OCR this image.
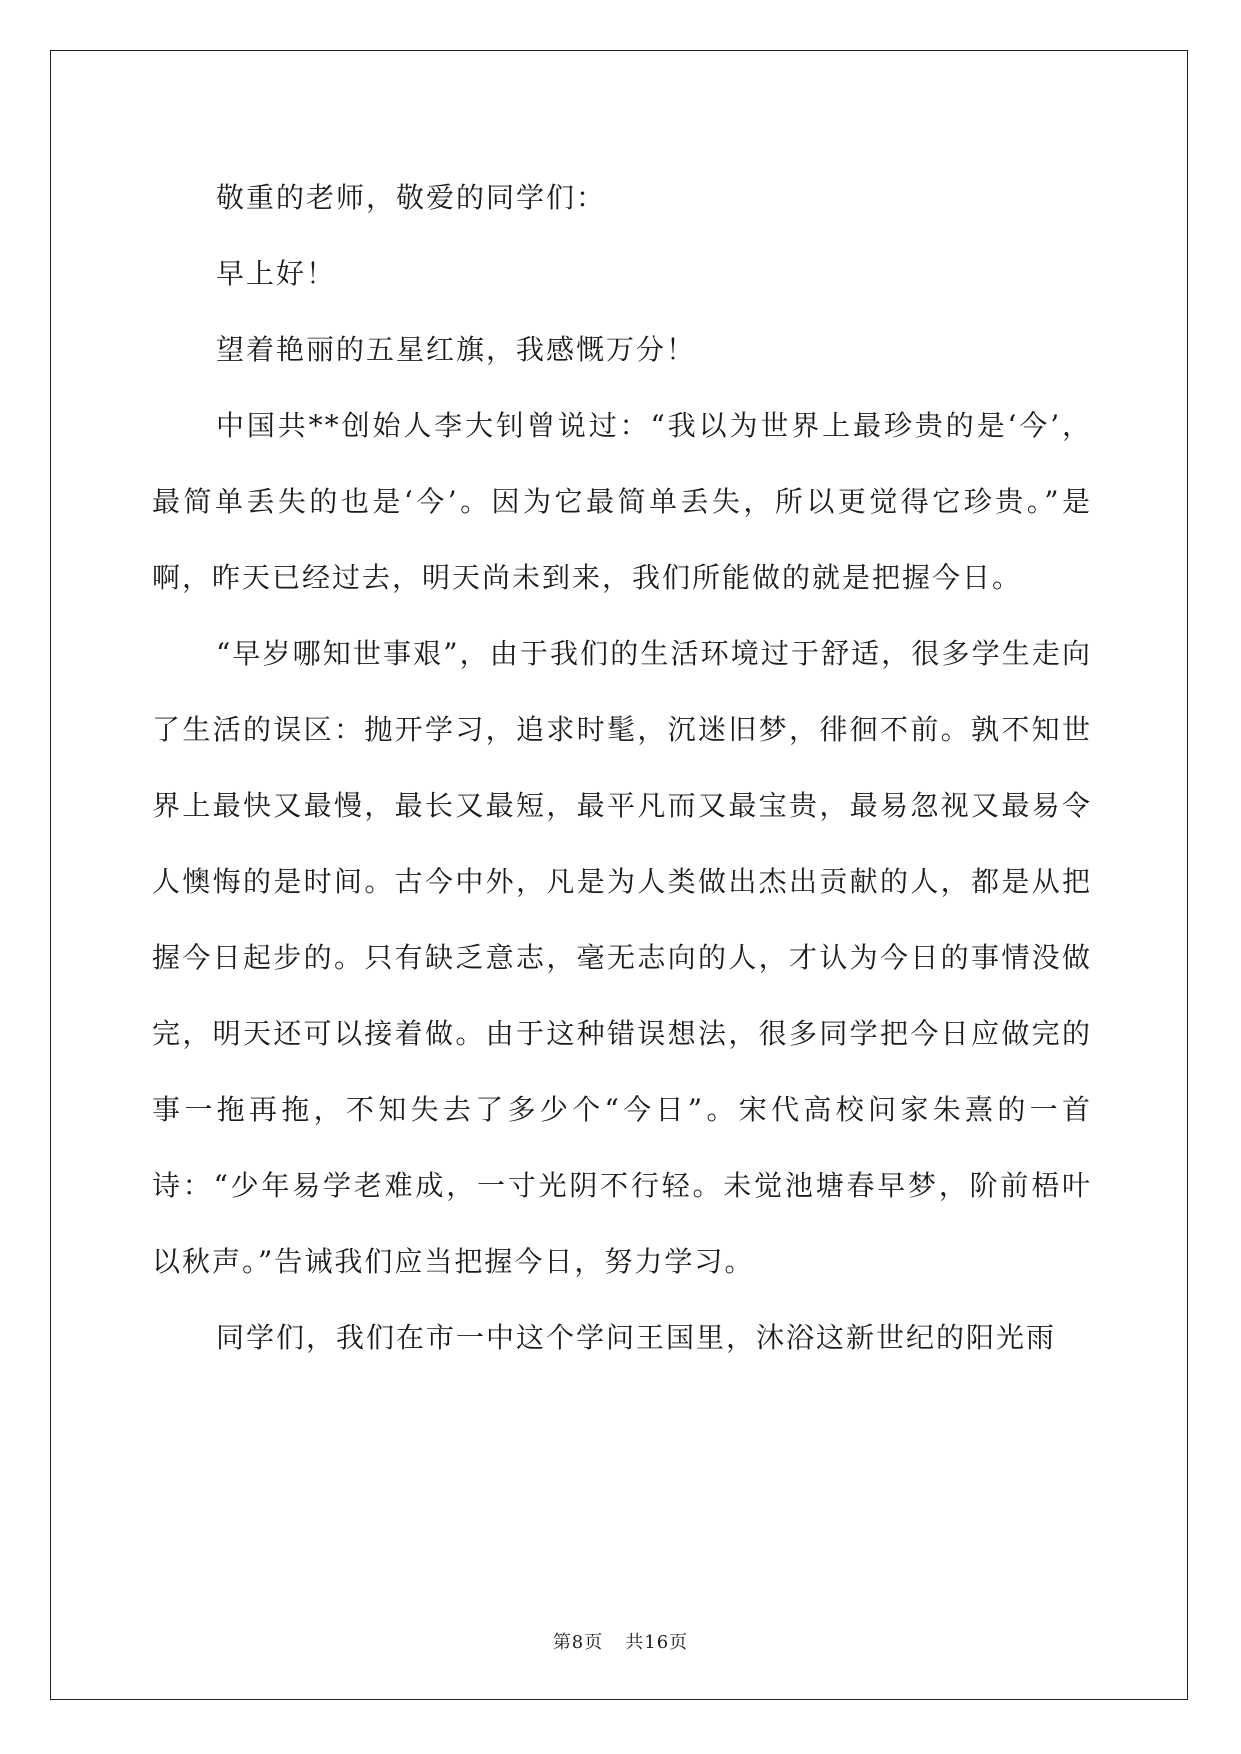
敬重的老师，敬爱的同学们：

早上好！

望着艳丽的五星红旗，我感慨万分！

中国共**创始人李大钊曾说过：“我以为世界上最珍贵的是‘今’，最简单丢失的也是‘今’。因为它最简单丢失，所以更觉得它珍贵。”是啊，昨天已经过去，明天尚未到来，我们所能做的就是把握今日。

“早岁哪知世事艰”，由于我们的生活环境过于舒适，很多学生走向了生活的误区：抛开学习，追求时髦，沉迷旧梦，徘徊不前。孰不知世界上最快又最慢，最长又最短，最平凡而又最宝贵，最易忽视又最易令人懊悔的是时间。古今中外，凡是为人类做出杰出贡献的人，都是从把握今日起步的。只有缺乏意志，毫无志向的人，才认为今日的事情没做完，明天还可以接着做。由于这种错误想法，很多同学把今日应做完的事一拖再拖，不知失去了多少个“今日”。宋代高校问家朱熹的一首诗：“少年易学老难成，一寸光阴不行轻。未觉池塘春早梦，阶前梧叶以秋声。”告诫我们应当把握今日，努力学习。

同学们，我们在市一中这个学问王国里，沐浴这新世纪的阳光雨

第8页 共16页
